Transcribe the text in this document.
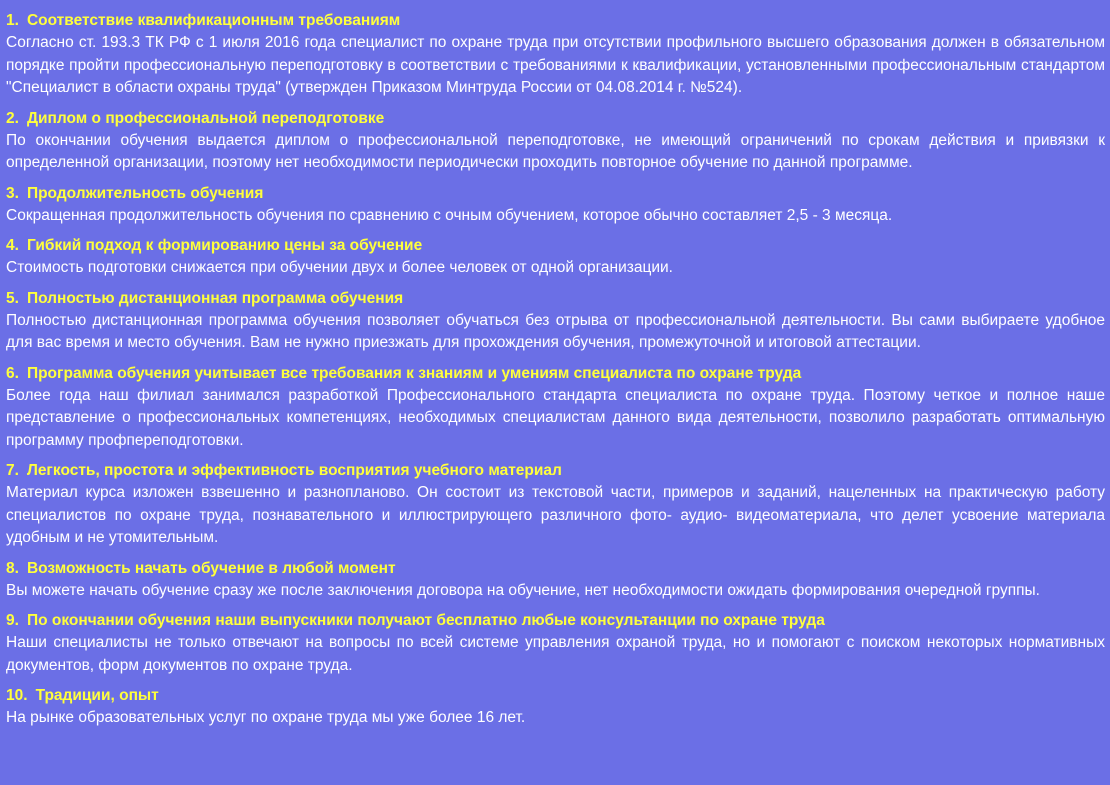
1. Соответствие квалификационным требованиям

Согласно ст. 193.3 ТК РФ с 1 июля 2016 года специалист по охране труда при отсутствии профильного высшего образования должен в обязательном порядке пройти профессиональную переподготовку в соответствии с требованиями к квалификации, установленными профессиональным стандартом "Специалист в области охраны труда" (утвержден Приказом Минтруда России от 04.08.2014 г. №524).

2. Диплом о профессиональной переподготовке

По окончании обучения выдается диплом о профессиональной переподготовке, не имеющий ограничений по срокам действия и привязки к определенной организации, поэтому нет необходимости периодически проходить повторное обучение по данной программе.

3. Продолжительность обучения

Сокращенная продолжительность обучения по сравнению с очным обучением, которое обычно составляет 2,5 - 3 месяца.

4. Гибкий подход к формированию цены за обучение

Стоимость подготовки снижается при обучении двух и более человек от одной организации.

5. Полностью дистанционная программа обучения

Полностью дистанционная программа обучения позволяет обучаться без отрыва от профессиональной деятельности. Вы сами выбираете удобное для вас время и место обучения. Вам не нужно приезжать для прохождения обучения, промежуточной и итоговой аттестации.

6. Программа обучения учитывает все требования к знаниям и умениям специалиста по охране труда

Более года наш филиал занимался разработкой Профессионального стандарта специалиста по охране труда. Поэтому четкое и полное наше представление о профессиональных компетенциях, необходимых специалистам данного вида деятельности, позволило разработать оптимальную программу профпереподготовки.

7. Легкость, простота и эффективность восприятия учебного материал

Материал курса изложен взвешенно и разнопланово. Он состоит из текстовой части, примеров и заданий, нацеленных на практическую работу специалистов по охране труда, познавательного и иллюстрирующего различного фото- аудио- видеоматериала, что делет усвоение материала удобным и не утомительным.

8. Возможность начать обучение в любой момент

Вы можете начать обучение сразу же после заключения договора на обучение, нет необходимости ожидать формирования очередной группы.

9. По окончании обучения наши выпускники получают бесплатно любые консультанции по охране труда

Наши специалисты не только отвечают на вопросы по всей системе управления охраной труда, но и помогают с поиском некоторых нормативных документов, форм документов по охране труда.

10. Традиции, опыт

На рынке образовательных услуг по охране труда мы уже более 16 лет.
